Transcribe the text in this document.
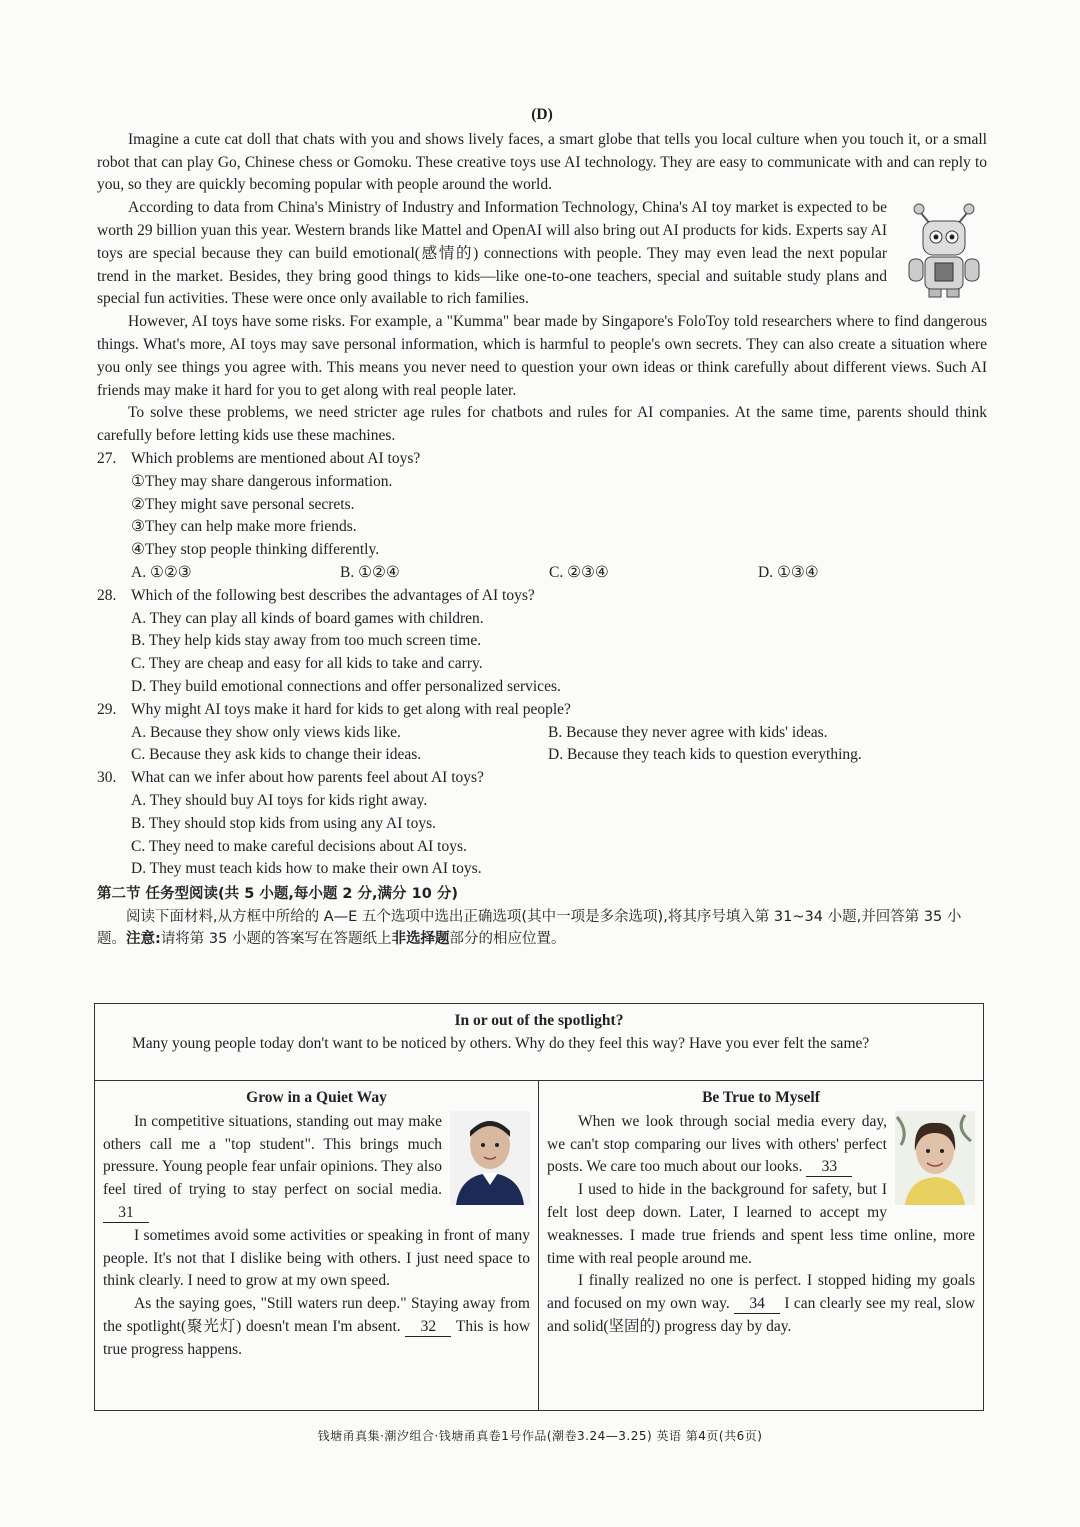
(D)

Imagine a cute cat doll that chats with you and shows lively faces, a smart globe that tells you local culture when you touch it, or a small robot that can play Go, Chinese chess or Gomoku. These creative toys use AI technology. They are easy to communicate with and can reply to you, so they are quickly becoming popular with people around the world.

According to data from China's Ministry of Industry and Information Technology, China's AI toy market is expected to be worth 29 billion yuan this year. Western brands like Mattel and OpenAI will also bring out AI products for kids. Experts say AI toys are special because they can build emotional(感情的) connections with people. They may even lead the next popular trend in the market. Besides, they bring good things to kids—like one-to-one teachers, special and suitable study plans and special fun activities. These were once only available to rich families.

However, AI toys have some risks. For example, a "Kumma" bear made by Singapore's FoloToy told researchers where to find dangerous things. What's more, AI toys may save personal information, which is harmful to people's own secrets. They can also create a situation where you only see things you agree with. This means you never need to question your own ideas or think carefully about different views. Such AI friends may make it hard for you to get along with real people later.

To solve these problems, we need stricter age rules for chatbots and rules for AI companies. At the same time, parents should think carefully before letting kids use these machines.

27. Which problems are mentioned about AI toys?
①They may share dangerous information.
②They might save personal secrets.
③They can help make more friends.
④They stop people thinking differently.
A. ①②③	B. ①②④	C. ②③④	D. ①③④
28. Which of the following best describes the advantages of AI toys?
A. They can play all kinds of board games with children.
B. They help kids stay away from too much screen time.
C. They are cheap and easy for all kids to take and carry.
D. They build emotional connections and offer personalized services.
29. Why might AI toys make it hard for kids to get along with real people?
A. Because they show only views kids like.	B. Because they never agree with kids' ideas.
C. Because they ask kids to change their ideas.	D. Because they teach kids to question everything.
30. What can we infer about how parents feel about AI toys?
A. They should buy AI toys for kids right away.
B. They should stop kids from using any AI toys.
C. They need to make careful decisions about AI toys.
D. They must teach kids how to make their own AI toys.
第二节 任务型阅读(共 5 小题,每小题 2 分,满分 10 分)
阅读下面材料,从方框中所给的 A—E 五个选项中选出正确选项(其中一项是多余选项),将其序号填入第 31~34 小题,并回答第 35 小题。注意:请将第 35 小题的答案写在答题纸上非选择题部分的相应位置。
In or out of the spotlight?

Many young people today don't want to be noticed by others. Why do they feel this way? Have you ever felt the same?

Grow in a Quiet Way

In competitive situations, standing out may make others call me a "top student". This brings much pressure. Young people fear unfair opinions. They also feel tired of trying to stay perfect on social media. 31

I sometimes avoid some activities or speaking in front of many people. It's not that I dislike being with others. I just need space to think clearly. I need to grow at my own speed.

As the saying goes, "Still waters run deep." Staying away from the spotlight(聚光灯) doesn't mean I'm absent. 32 This is how true progress happens.

Be True to Myself

When we look through social media every day, we can't stop comparing our lives with others' perfect posts. We care too much about our looks. 33

I used to hide in the background for safety, but I felt lost deep down. Later, I learned to accept my weaknesses. I made true friends and spent less time online, more time with real people around me.

I finally realized no one is perfect. I stopped hiding my goals and focused on my own way. 34 I can clearly see my real, slow and solid(坚固的) progress day by day.

钱塘甬真集·潮汐组合·钱塘甬真卷1号作品(潮卷3.24—3.25) 英语 第4页(共6页)
